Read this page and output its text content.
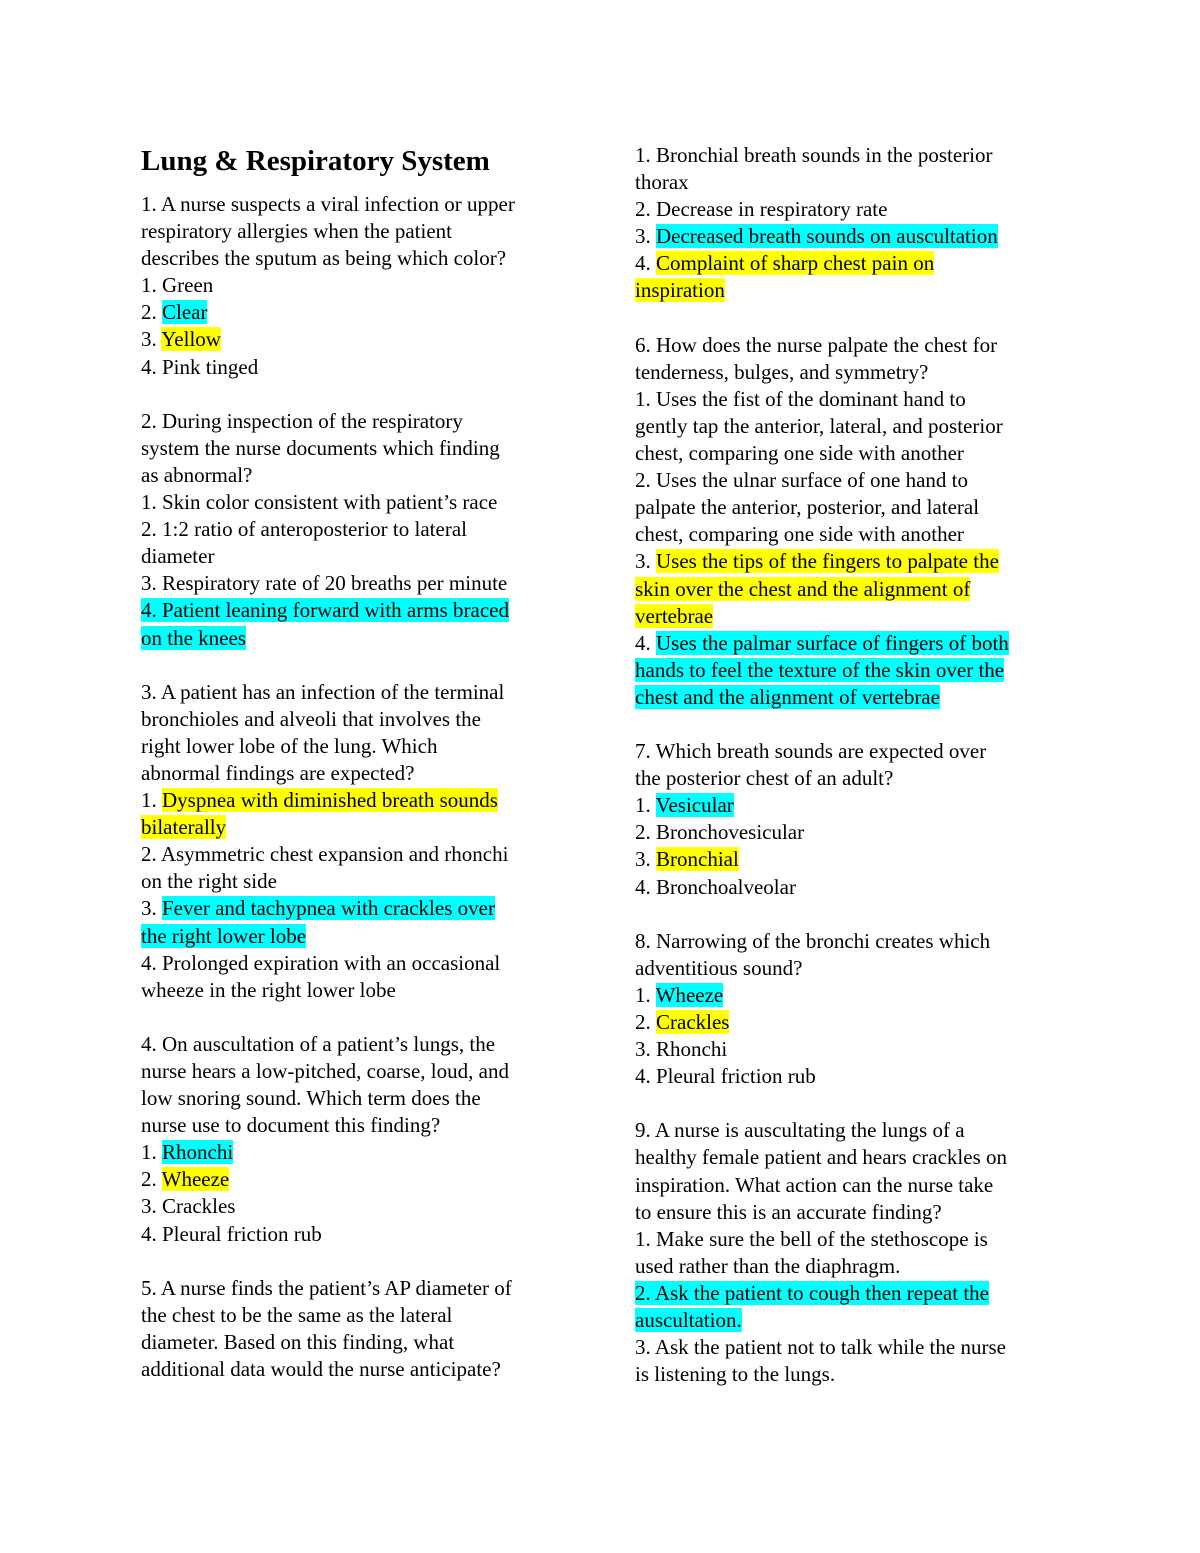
Lung & Respiratory System
1. A nurse suspects a viral infection or upper
respiratory allergies when the patient
describes the sputum as being which color?
1. Green
2. Clear
3. Yellow
4. Pink tinged
2. During inspection of the respiratory
system the nurse documents which finding
as abnormal?
1. Skin color consistent with patient’s race
2. 1:2 ratio of anteroposterior to lateral
diameter
3. Respiratory rate of 20 breaths per minute
4. Patient leaning forward with arms braced
on the knees
3. A patient has an infection of the terminal
bronchioles and alveoli that involves the
right lower lobe of the lung. Which
abnormal findings are expected?
1. Dyspnea with diminished breath sounds
bilaterally
2. Asymmetric chest expansion and rhonchi
on the right side
3. Fever and tachypnea with crackles over
the right lower lobe
4. Prolonged expiration with an occasional
wheeze in the right lower lobe
4. On auscultation of a patient’s lungs, the
nurse hears a low-pitched, coarse, loud, and
low snoring sound. Which term does the
nurse use to document this finding?
1. Rhonchi
2. Wheeze
3. Crackles
4. Pleural friction rub
5. A nurse finds the patient’s AP diameter of
the chest to be the same as the lateral
diameter. Based on this finding, what
additional data would the nurse anticipate?
1. Bronchial breath sounds in the posterior
thorax
2. Decrease in respiratory rate
3. Decreased breath sounds on auscultation
4. Complaint of sharp chest pain on
inspiration
6. How does the nurse palpate the chest for
tenderness, bulges, and symmetry?
1. Uses the fist of the dominant hand to
gently tap the anterior, lateral, and posterior
chest, comparing one side with another
2. Uses the ulnar surface of one hand to
palpate the anterior, posterior, and lateral
chest, comparing one side with another
3. Uses the tips of the fingers to palpate the
skin over the chest and the alignment of
vertebrae
4. Uses the palmar surface of fingers of both
hands to feel the texture of the skin over the
chest and the alignment of vertebrae
7. Which breath sounds are expected over
the posterior chest of an adult?
1. Vesicular
2. Bronchovesicular
3. Bronchial
4. Bronchoalveolar
8. Narrowing of the bronchi creates which
adventitious sound?
1. Wheeze
2. Crackles
3. Rhonchi
4. Pleural friction rub
9. A nurse is auscultating the lungs of a
healthy female patient and hears crackles on
inspiration. What action can the nurse take
to ensure this is an accurate finding?
1. Make sure the bell of the stethoscope is
used rather than the diaphragm.
2. Ask the patient to cough then repeat the
auscultation.
3. Ask the patient not to talk while the nurse
is listening to the lungs.
